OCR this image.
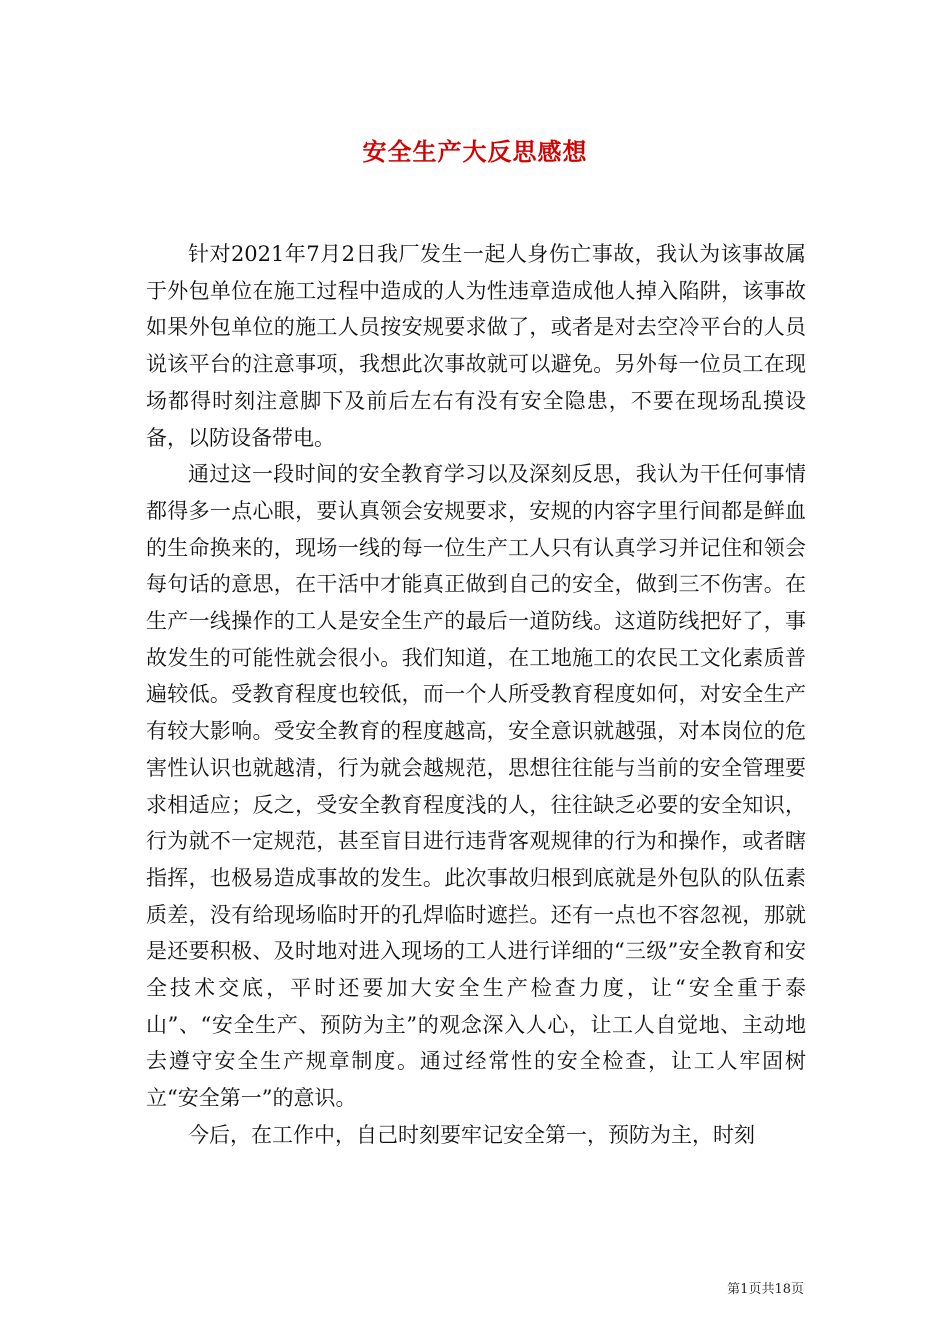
安全生产大反思感想

针对2021年7月2日我厂发生一起人身伤亡事故，我认为该事故属于外包单位在施工过程中造成的人为性违章造成他人掉入陷阱，该事故如果外包单位的施工人员按安规要求做了，或者是对去空冷平台的人员说该平台的注意事项，我想此次事故就可以避免。另外每一位员工在现场都得时刻注意脚下及前后左右有没有安全隐患，不要在现场乱摸设备，以防设备带电。

通过这一段时间的安全教育学习以及深刻反思，我认为干任何事情都得多一点心眼，要认真领会安规要求，安规的内容字里行间都是鲜血的生命换来的，现场一线的每一位生产工人只有认真学习并记住和领会每句话的意思，在干活中才能真正做到自己的安全，做到三不伤害。在生产一线操作的工人是安全生产的最后一道防线。这道防线把好了，事故发生的可能性就会很小。我们知道，在工地施工的农民工文化素质普遍较低。受教育程度也较低，而一个人所受教育程度如何，对安全生产有较大影响。受安全教育的程度越高，安全意识就越强，对本岗位的危害性认识也就越清，行为就会越规范，思想往往能与当前的安全管理要求相适应；反之，受安全教育程度浅的人，往往缺乏必要的安全知识，行为就不一定规范，甚至盲目进行违背客观规律的行为和操作，或者瞎指挥，也极易造成事故的发生。此次事故归根到底就是外包队的队伍素质差，没有给现场临时开的孔焊临时遮拦。还有一点也不容忽视，那就是还要积极、及时地对进入现场的工人进行详细的“三级”安全教育和安全技术交底，平时还要加大安全生产检查力度，让“安全重于泰山”、“安全生产、预防为主”的观念深入人心，让工人自觉地、主动地去遵守安全生产规章制度。通过经常性的安全检查，让工人牢固树立“安全第一”的意识。

今后，在工作中，自己时刻要牢记安全第一，预防为主，时刻

第1页共18页
